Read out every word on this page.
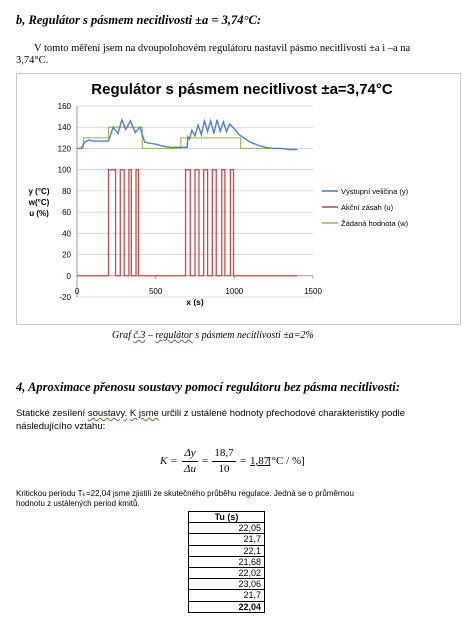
b, Regulátor s pásmem necitlivosti ±a = 3,74°C:
V tomto měření jsem na dvoupolohovém regulátoru nastavil pásmo necitlivosti ±a i –a na
3,74°C.
Regulátor s pásmem necitlivost ±a=3,74°C
-20
0
20
40
60
80
100
120
140
160
0	500	1000	1500
y (°C)
w(°C)
u (%)
x (s)
Výstupní veličina (y)
Akční zásah (u)
Žádaná hodnota (w)
Graf č.3 – regulátor s pásmem necitlivosti ±a=2%
4, Aproximace přenosu soustavy pomocí regulátoru bez pásma necitlivosti:
Statické zesílení soustavy. K jsme určili z ustálené hodnoty přechodové charakteristiky podle
následujícího vztahu:
K =
Δy
Δu
=
18,7
10
= 1,87
[°C / %]
Kritickou periodu Tₖ=22,04 jsme zjistili ze skutečného průběhu regulace. Jedná se o průměrnou
hodnotu z ustálených period kmitů.
Tu (s)
22,05
21,7
22,1
21,68
22,02
23,06
21,7
22,04
